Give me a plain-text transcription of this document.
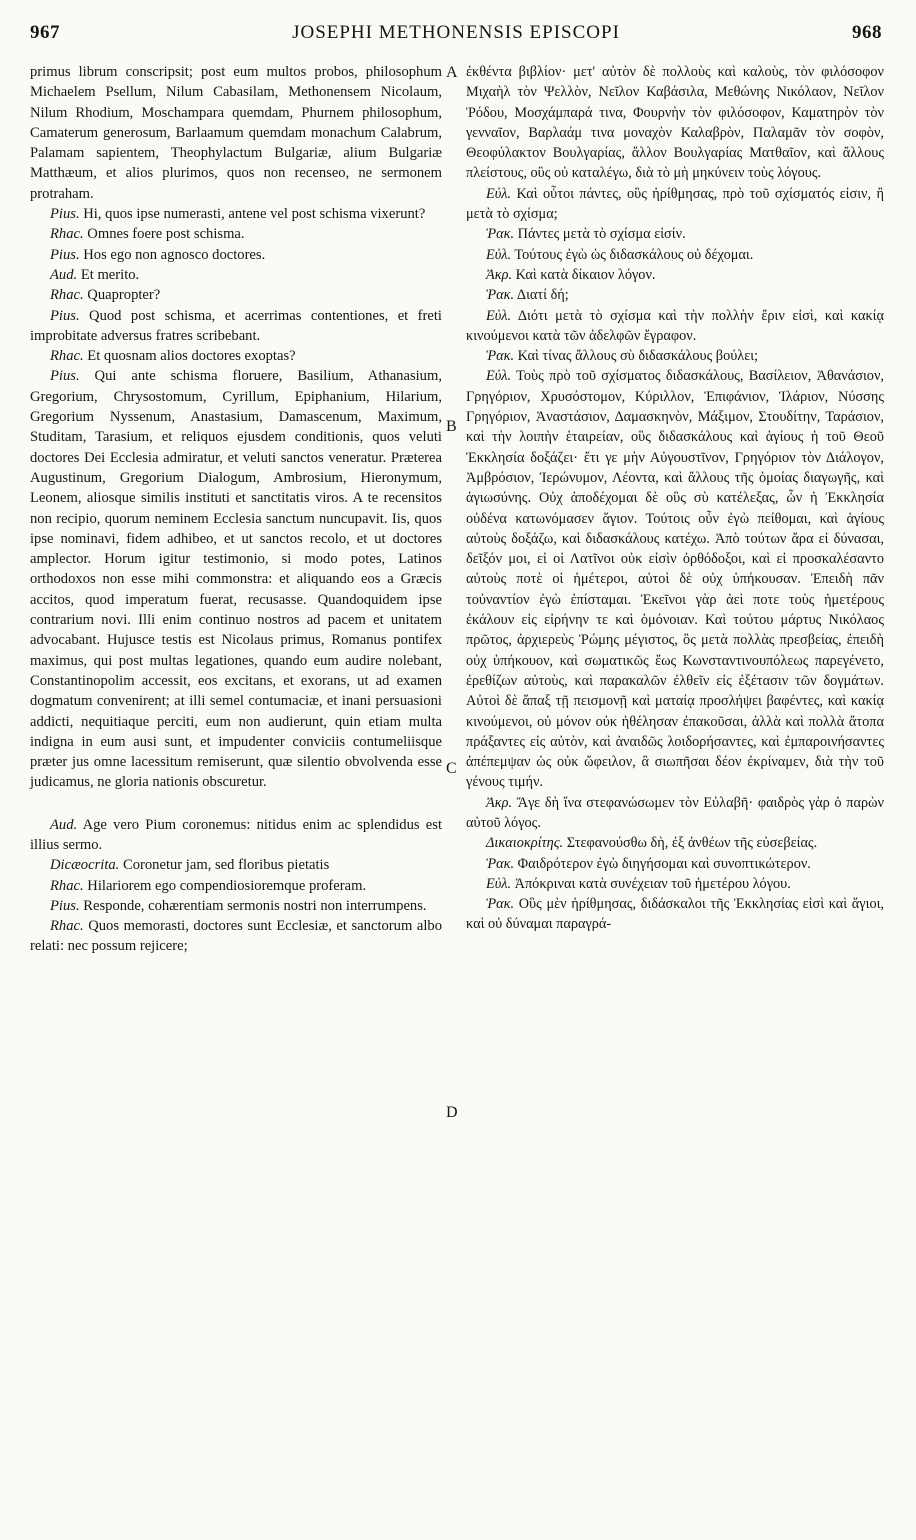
967	JOSEPHI METHONENSIS EPISCOPI	968
A
B
C
D

primus librum conscripsit; post eum multos probos, philosophum Michaelem Psellum, Nilum Cabasilam, Methonensem Nicolaum, Nilum Rhodium, Moschampara quemdam, Phurnem philosophum, Camaterum generosum, Barlaamum quemdam monachum Calabrum, Palamam sapientem, Theophylactum Bulgariæ, alium Bulgariæ Matthæum, et alios plurimos, quos non recenseo, ne sermonem protraham.

Pius. Hi, quos ipse numerasti, antene vel post schisma vixerunt?

Rhac. Omnes foere post schisma.

Pius. Hos ego non agnosco doctores.

Aud. Et merito.

Rhac. Quapropter?

Pius. Quod post schisma, et acerrimas contentiones, et freti improbitate adversus fratres scribebant.

Rhac. Et quosnam alios doctores exoptas?

Pius. Qui ante schisma floruere, Basilium, Athanasium, Gregorium, Chrysostomum, Cyrillum, Epiphanium, Hilarium, Gregorium Nyssenum, Anastasium, Damascenum, Maximum, Studitam, Tarasium, et reliquos ejusdem conditionis, quos veluti doctores Dei Ecclesia admiratur, et veluti sanctos veneratur. Præterea Augustinum, Gregorium Dialogum, Ambrosium, Hieronymum, Leonem, aliosque similis instituti et sanctitatis viros. A te recensitos non recipio, quorum neminem Ecclesia sanctum nuncupavit. Iis, quos ipse nominavi, fidem adhibeo, et ut sanctos recolo, et ut doctores amplector. Horum igitur testimonio, si modo potes, Latinos orthodoxos non esse mihi commonstra: et aliquando eos a Græcis accitos, quod imperatum fuerat, recusasse. Quandoquidem ipse contrarium novi. Illi enim continuo nostros ad pacem et unitatem advocabant. Hujusce testis est Nicolaus primus, Romanus pontifex maximus, qui post multas legationes, quando eum audire nolebant, Constantinopolim accessit, eos excitans, et exorans, ut ad examen dogmatum convenirent; at illi semel contumaciæ, et inani persuasioni addicti, nequitiaque perciti, eum non audierunt, quin etiam multa indigna in eum ausi sunt, et impudenter conviciis contumeliisque præter jus omne lacessitum remiserunt, quæ silentio obvolvenda esse judicamus, ne gloria nationis obscuretur.

Aud. Age vero Pium coronemus: nitidus enim ac splendidus est illius sermo.

Dicæocrita. Coronetur jam, sed floribus pietatis

Rhac. Hilariorem ego compendiosioremque proferam.

Pius. Responde, cohærentiam sermonis nostri non interrumpens.

Rhac. Quos memorasti, doctores sunt Ecclesiæ, et sanctorum albo relati: nec possum rejicere;

ἐκθέντα βιβλίον· μετ' αὐτὸν δὲ πολλοὺς καὶ καλοὺς, τὸν φιλόσοφον Μιχαὴλ τὸν Ψελλὸν, Νεῖλον Καβάσιλα, Μεθώνης Νικόλαον, Νεῖλον Ῥόδου, Μοσχάμπαρά τινα, Φουρνὴν τὸν φιλόσοφον, Καματηρὸν τὸν γενναῖον, Βαρλαάμ τινα μοναχὸν Καλαβρὸν, Παλαμᾶν τὸν σοφὸν, Θεοφύλακτον Βουλγαρίας, ἄλλον Βουλγαρίας Ματθαῖον, καὶ ἄλλους πλείστους, οὓς οὐ καταλέγω, διὰ τὸ μὴ μηκύνειν τοὺς λόγους.

Εὐλ. Καὶ οὗτοι πάντες, οὓς ἠρίθμησας, πρὸ τοῦ σχίσματός εἰσιν, ἢ μετὰ τὸ σχίσμα;

Ῥακ. Πάντες μετὰ τὸ σχίσμα εἰσίν.

Εὐλ. Τούτους ἐγὼ ὡς διδασκάλους οὐ δέχομαι.

Ἀκρ. Καὶ κατὰ δίκαιον λόγον.

Ῥακ. Διατί δή;

Εὐλ. Διότι μετὰ τὸ σχίσμα καὶ τὴν πολλὴν ἔριν εἰσὶ, καὶ κακίᾳ κινούμενοι κατὰ τῶν ἀδελφῶν ἔγραφον.

Ῥακ. Καὶ τίνας ἄλλους σὺ διδασκάλους βούλει;

Εὐλ. Τοὺς πρὸ τοῦ σχίσματος διδασκάλους, Βασίλειον, Ἀθανάσιον, Γρηγόριον, Χρυσόστομον, Κύριλλον, Ἐπιφάνιον, Ἱλάριον, Νύσσης Γρηγόριον, Ἀναστάσιον, Δαμασκηνὸν, Μάξιμον, Στουδίτην, Ταράσιον, καὶ τὴν λοιπὴν ἑταιρείαν, οὓς διδασκάλους καὶ ἁγίους ἡ τοῦ Θεοῦ Ἐκκλησία δοξάζει· ἔτι γε μὴν Αὐγουστῖνον, Γρηγόριον τὸν Διάλογον, Ἀμβρόσιον, Ἱερώνυμον, Λέοντα, καὶ ἄλλους τῆς ὁμοίας διαγωγῆς, καὶ ἁγιωσύνης. Οὐχ ἀποδέχομαι δὲ οὓς σὺ κατέλεξας, ὧν ἡ Ἐκκλησία οὐδένα κατωνόμασεν ἅγιον. Τούτοις οὖν ἐγὼ πείθομαι, καὶ ἁγίους αὐτοὺς δοξάζω, καὶ διδασκάλους κατέχω. Ἀπὸ τούτων ἄρα εἰ δύνασαι, δεῖξόν μοι, εἰ οἱ Λατῖνοι οὐκ εἰσὶν ὀρθόδοξοι, καὶ εἰ προσκαλέσαντο αὐτοὺς ποτὲ οἱ ἡμέτεροι, αὐτοὶ δὲ οὐχ ὑπήκουσαν. Ἐπειδὴ πᾶν τοὐναντίον ἐγὼ ἐπίσταμαι. Ἐκεῖνοι γὰρ ἀεὶ ποτε τοὺς ἡμετέρους ἐκάλουν εἰς εἰρήνην τε καὶ ὁμόνοιαν. Καὶ τούτου μάρτυς Νικόλαος πρῶτος, ἀρχιερεὺς Ῥώμης μέγιστος, ὃς μετὰ πολλὰς πρεσβείας, ἐπειδὴ οὐχ ὑπήκουον, καὶ σωματικῶς ἕως Κωνσταντινουπόλεως παρεγένετο, ἐρεθίζων αὐτοὺς, καὶ παρακαλῶν ἐλθεῖν εἰς ἐξέτασιν τῶν δογμάτων. Αὐτοὶ δὲ ἅπαξ τῇ πεισμονῇ καὶ ματαίᾳ προσλήψει βαφέντες, καὶ κακίᾳ κινούμενοι, οὐ μόνον οὐκ ἠθέλησαν ἐπακοῦσαι, ἀλλὰ καὶ πολλὰ ἄτοπα πράξαντες εἰς αὐτὸν, καὶ ἀναιδῶς λοιδορήσαντες, καὶ ἐμπαροινήσαντες ἀπέπεμψαν ὡς οὐκ ὤφειλον, ἃ σιωπῆσαι δέον ἐκρίναμεν, διὰ τὴν τοῦ γένους τιμήν.

Ἀκρ. Ἄγε δὴ ἵνα στεφανώσωμεν τὸν Εὐλαβῆ· φαιδρὸς γὰρ ὁ παρὼν αὐτοῦ λόγος.

Δικαιοκρίτης. Στεφανούσθω δὴ, ἐξ ἀνθέων τῆς εὐσεβείας.

Ῥακ. Φαιδρότερον ἐγὼ διηγήσομαι καὶ συνοπτικώτερον.

Εὐλ. Ἀπόκριναι κατὰ συνέχειαν τοῦ ἡμετέρου λόγου.

Ῥακ. Οὓς μὲν ἠρίθμησας, διδάσκαλοι τῆς Ἐκκλησίας εἰσὶ καὶ ἅγιοι, καὶ οὐ δύναμαι παραγρά-
